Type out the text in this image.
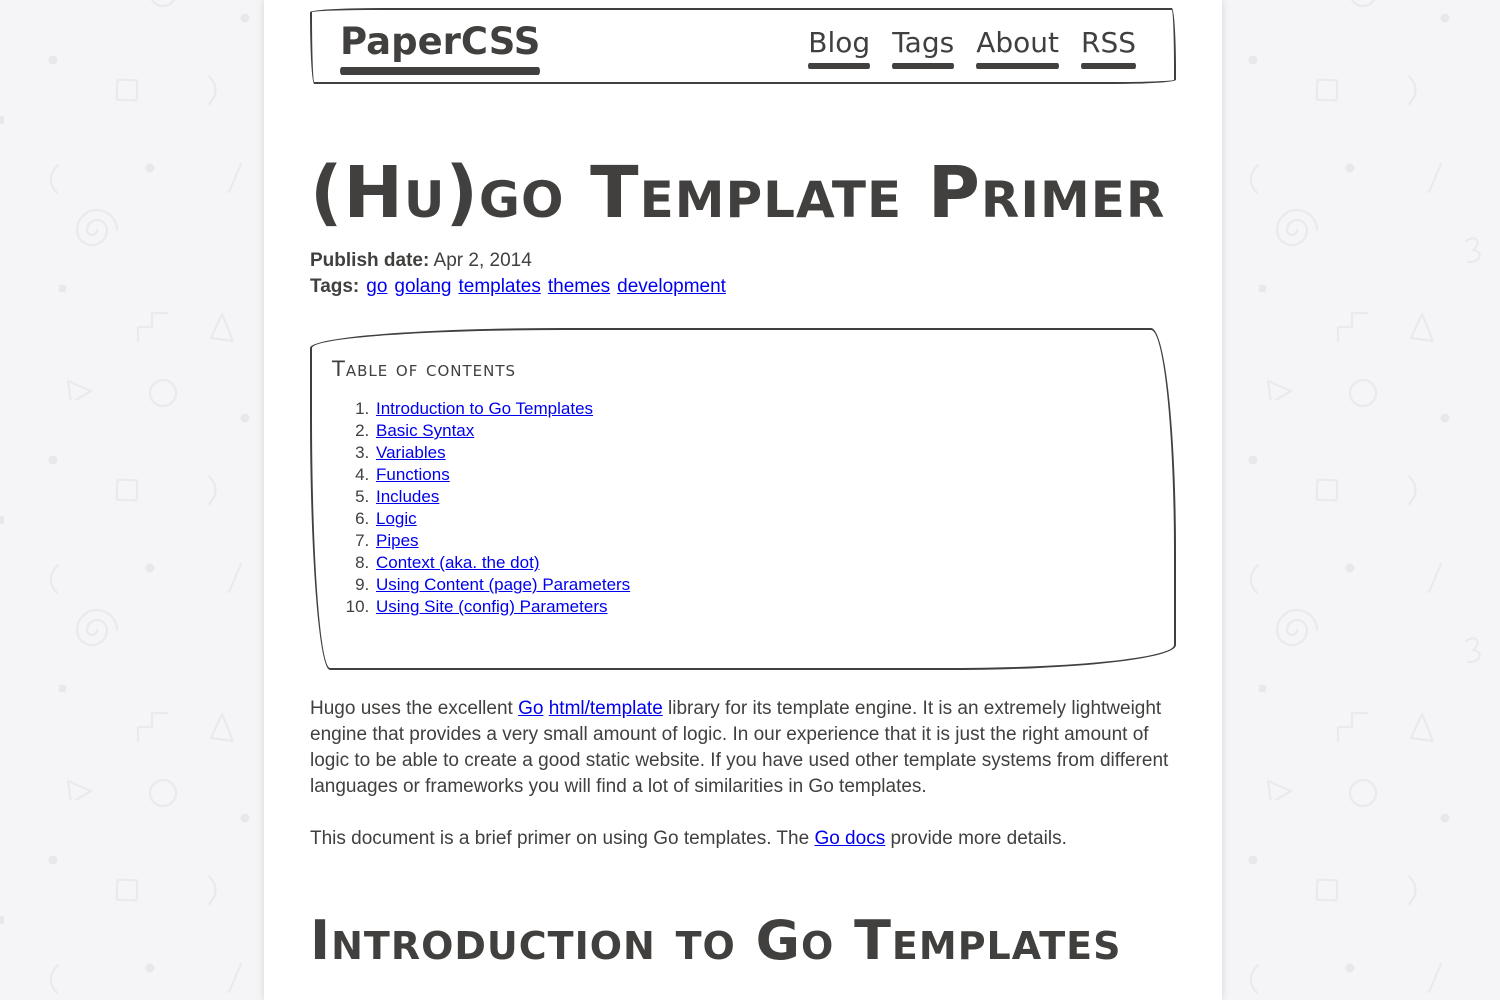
PaperCSS	Blog Tags About RSS
(Hu)go Template Primer

Publish date: Apr 2, 2014

Tags: go golang templates themes development

Table of contents
1. Introduction to Go Templates
2. Basic Syntax
3. Variables
4. Functions
5. Includes
6. Logic
7. Pipes
8. Context (aka. the dot)
9. Using Content (page) Parameters
10. Using Site (config) Parameters

Hugo uses the excellent Go html/template library for its template engine. It is an extremely lightweight engine that provides a very small amount of logic. In our experience that it is just the right amount of logic to be able to create a good static website. If you have used other template systems from different languages or frameworks you will find a lot of similarities in Go templates.

This document is a brief primer on using Go templates. The Go docs provide more details.

Introduction to Go Templates
